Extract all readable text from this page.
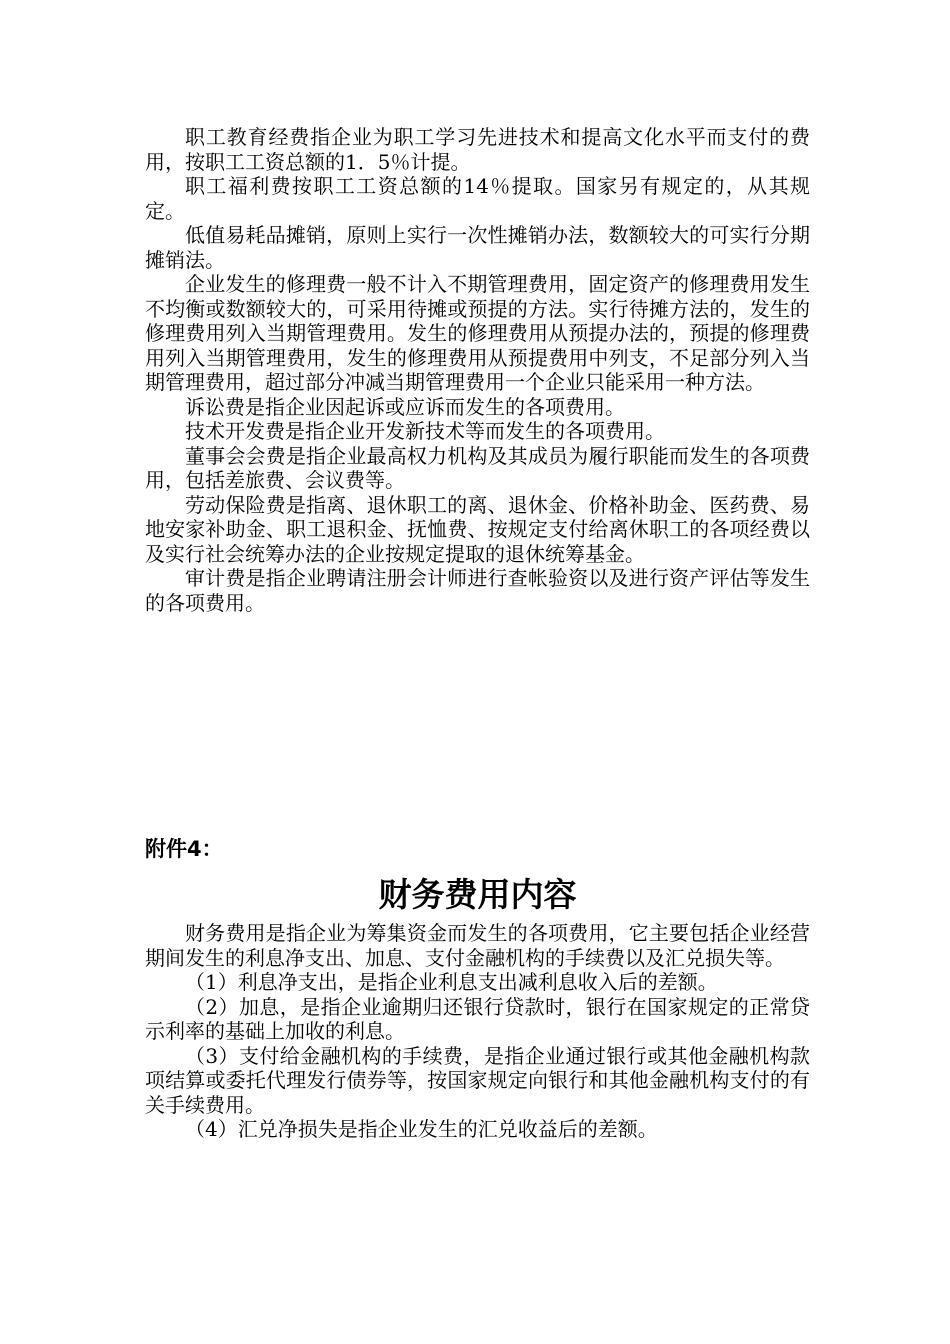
职工教育经费指企业为职工学习先进技术和提高文化水平而支付的费用，按职工工资总额的1．5％计提。

职工福利费按职工工资总额的14％提取。国家另有规定的，从其规定。

低值易耗品摊销，原则上实行一次性摊销办法，数额较大的可实行分期摊销法。

企业发生的修理费一般不计入不期管理费用，固定资产的修理费用发生不均衡或数额较大的，可采用待摊或预提的方法。实行待摊方法的，发生的修理费用列入当期管理费用。发生的修理费用从预提办法的，预提的修理费用列入当期管理费用，发生的修理费用从预提费用中列支，不足部分列入当期管理费用，超过部分冲减当期管理费用一个企业只能采用一种方法。

诉讼费是指企业因起诉或应诉而发生的各项费用。

技术开发费是指企业开发新技术等而发生的各项费用。

董事会会费是指企业最高权力机构及其成员为履行职能而发生的各项费用，包括差旅费、会议费等。

劳动保险费是指离、退休职工的离、退休金、价格补助金、医药费、易地安家补助金、职工退积金、抚恤费、按规定支付给离休职工的各项经费以及实行社会统筹办法的企业按规定提取的退休统筹基金。

审计费是指企业聘请注册会计师进行查帐验资以及进行资产评估等发生的各项费用。

附件4：

财务费用内容

财务费用是指企业为筹集资金而发生的各项费用，它主要包括企业经营期间发生的利息净支出、加息、支付金融机构的手续费以及汇兑损失等。

（1）利息净支出，是指企业利息支出减利息收入后的差额。

（2）加息，是指企业逾期归还银行贷款时，银行在国家规定的正常贷示利率的基础上加收的利息。

（3）支付给金融机构的手续费，是指企业通过银行或其他金融机构款项结算或委托代理发行债券等，按国家规定向银行和其他金融机构支付的有关手续费用。

（4）汇兑净损失是指企业发生的汇兑收益后的差额。
